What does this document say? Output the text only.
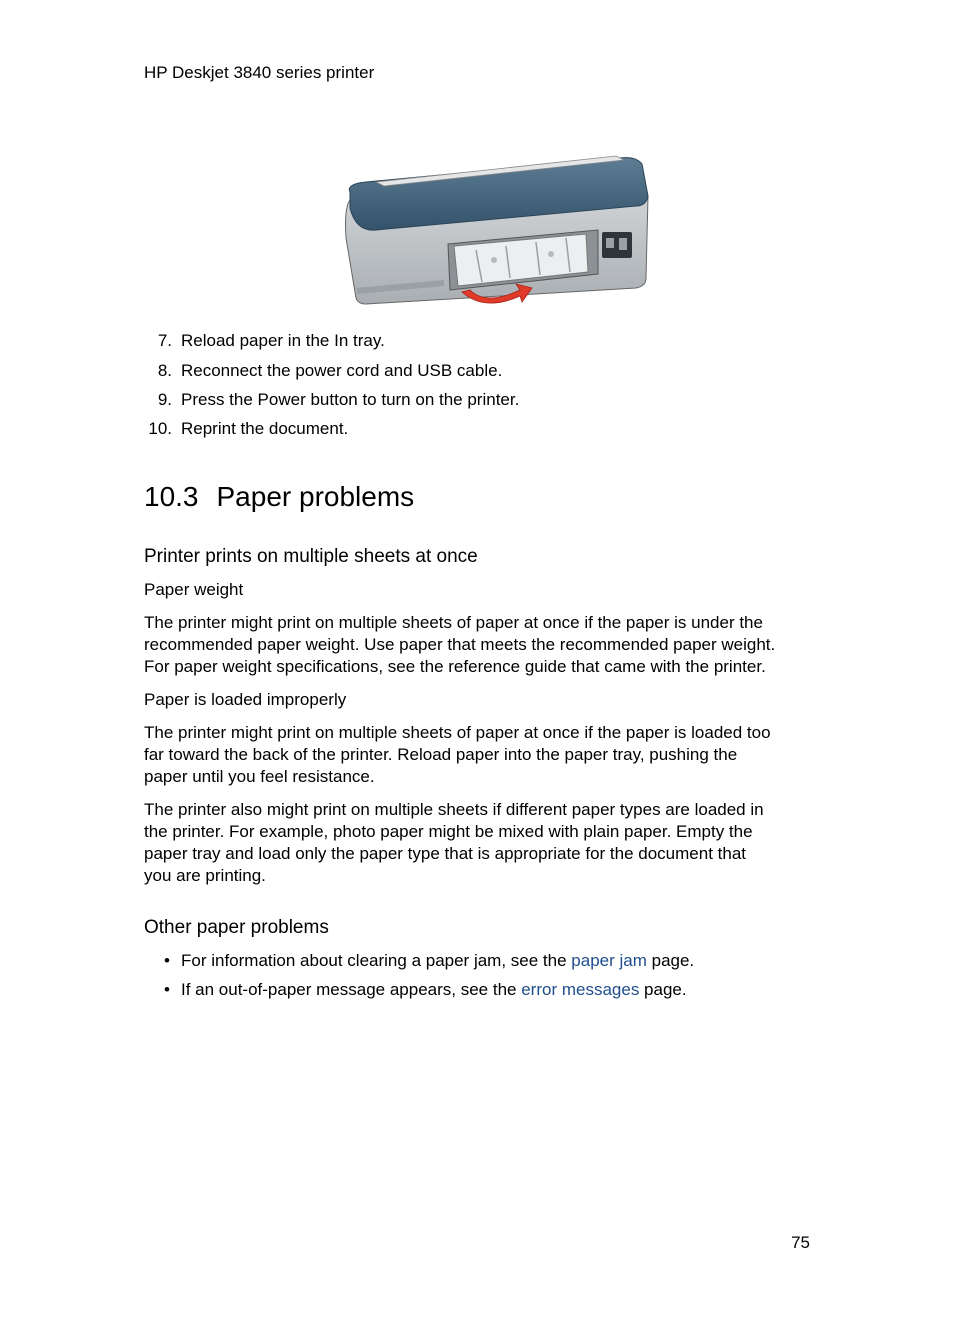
HP Deskjet 3840 series printer
7. Reload paper in the In tray.
8. Reconnect the power cord and USB cable.
9. Press the Power button to turn on the printer.
10. Reprint the document.
10.3 Paper problems
Printer prints on multiple sheets at once
Paper weight
The printer might print on multiple sheets of paper at once if the paper is under the
recommended paper weight. Use paper that meets the recommended paper weight.
For paper weight specifications, see the reference guide that came with the printer.
Paper is loaded improperly
The printer might print on multiple sheets of paper at once if the paper is loaded too
far toward the back of the printer. Reload paper into the paper tray, pushing the
paper until you feel resistance.
The printer also might print on multiple sheets if different paper types are loaded in
the printer. For example, photo paper might be mixed with plain paper. Empty the
paper tray and load only the paper type that is appropriate for the document that
you are printing.
Other paper problems
• For information about clearing a paper jam, see the paper jam page.
• If an out-of-paper message appears, see the error messages page.
75
